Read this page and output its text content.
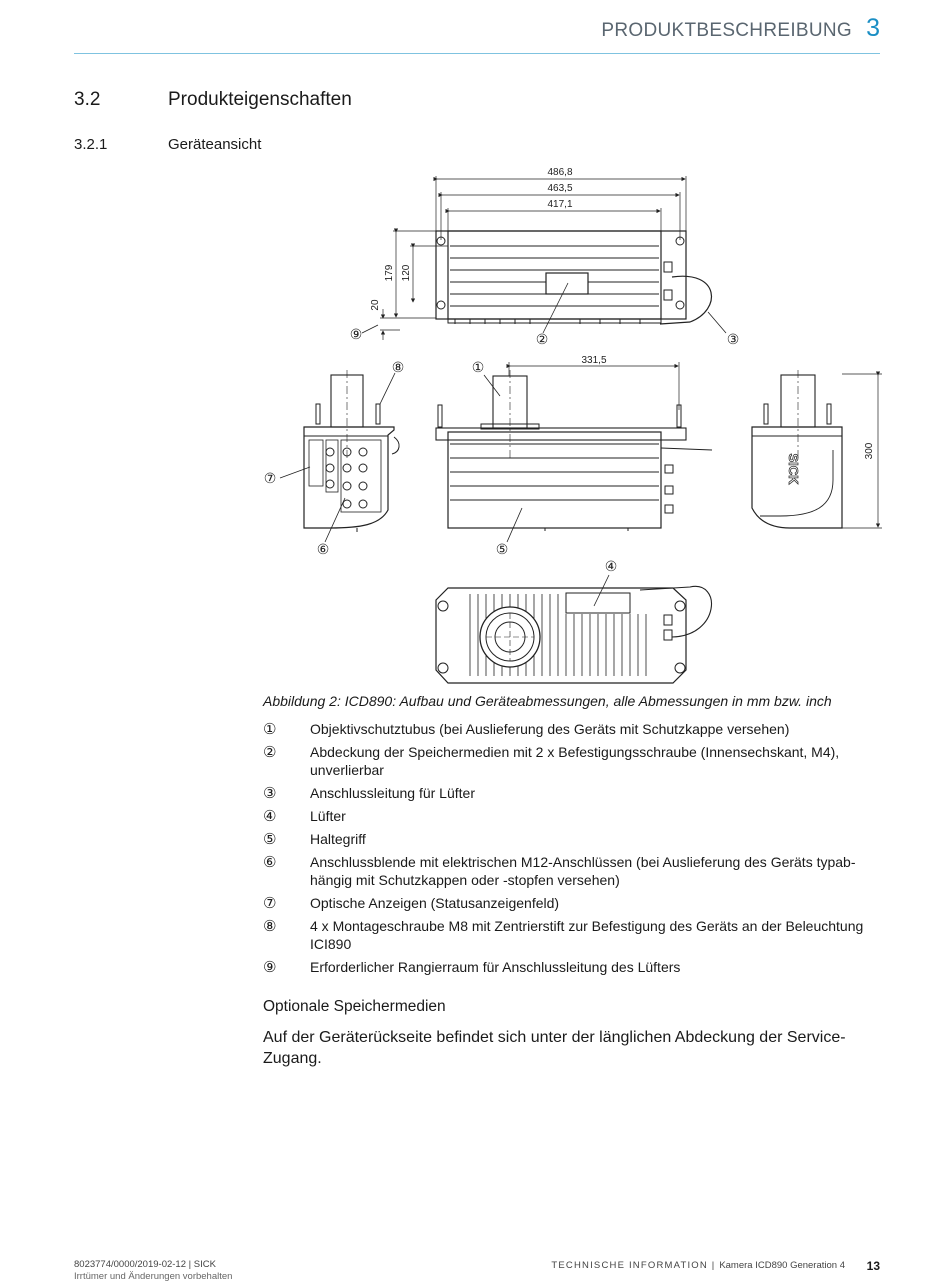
PRODUKTBESCHREIBUNG 3
3.2	Produkteigenschaften
3.2.1	Geräteansicht
486,8
463,5
417,1
179 120
20
331,5
SICK
300
①
②	③
④
⑤
⑥
⑦
⑧
⑨
Abbildung 2: ICD890: Aufbau und Geräteabmessungen, alle Abmessungen in mm bzw. inch
① Objektivschutztubus (bei Auslieferung des Geräts mit Schutzkappe versehen)
② Abdeckung der Speichermedien mit 2 x Befestigungsschraube (Innensechskant, M4), unverlierbar
③ Anschlussleitung für Lüfter
④ Lüfter
⑤ Haltegriff
⑥ Anschlussblende mit elektrischen M12-Anschlüssen (bei Auslieferung des Geräts typabhängig mit Schutzkappen oder -stopfen versehen)
⑦ Optische Anzeigen (Statusanzeigenfeld)
⑧ 4 x Montageschraube M8 mit Zentrierstift zur Befestigung des Geräts an der Beleuchtung ICI890
⑨ Erforderlicher Rangierraum für Anschlussleitung des Lüfters
Optionale Speichermedien
Auf der Geräterückseite befindet sich unter der länglichen Abdeckung der Service-Zugang.
8023774/0000/2019-02-12 | SICK
Irrtümer und Änderungen vorbehalten
TECHNISCHE INFORMATION | Kamera ICD890 Generation 4 13
